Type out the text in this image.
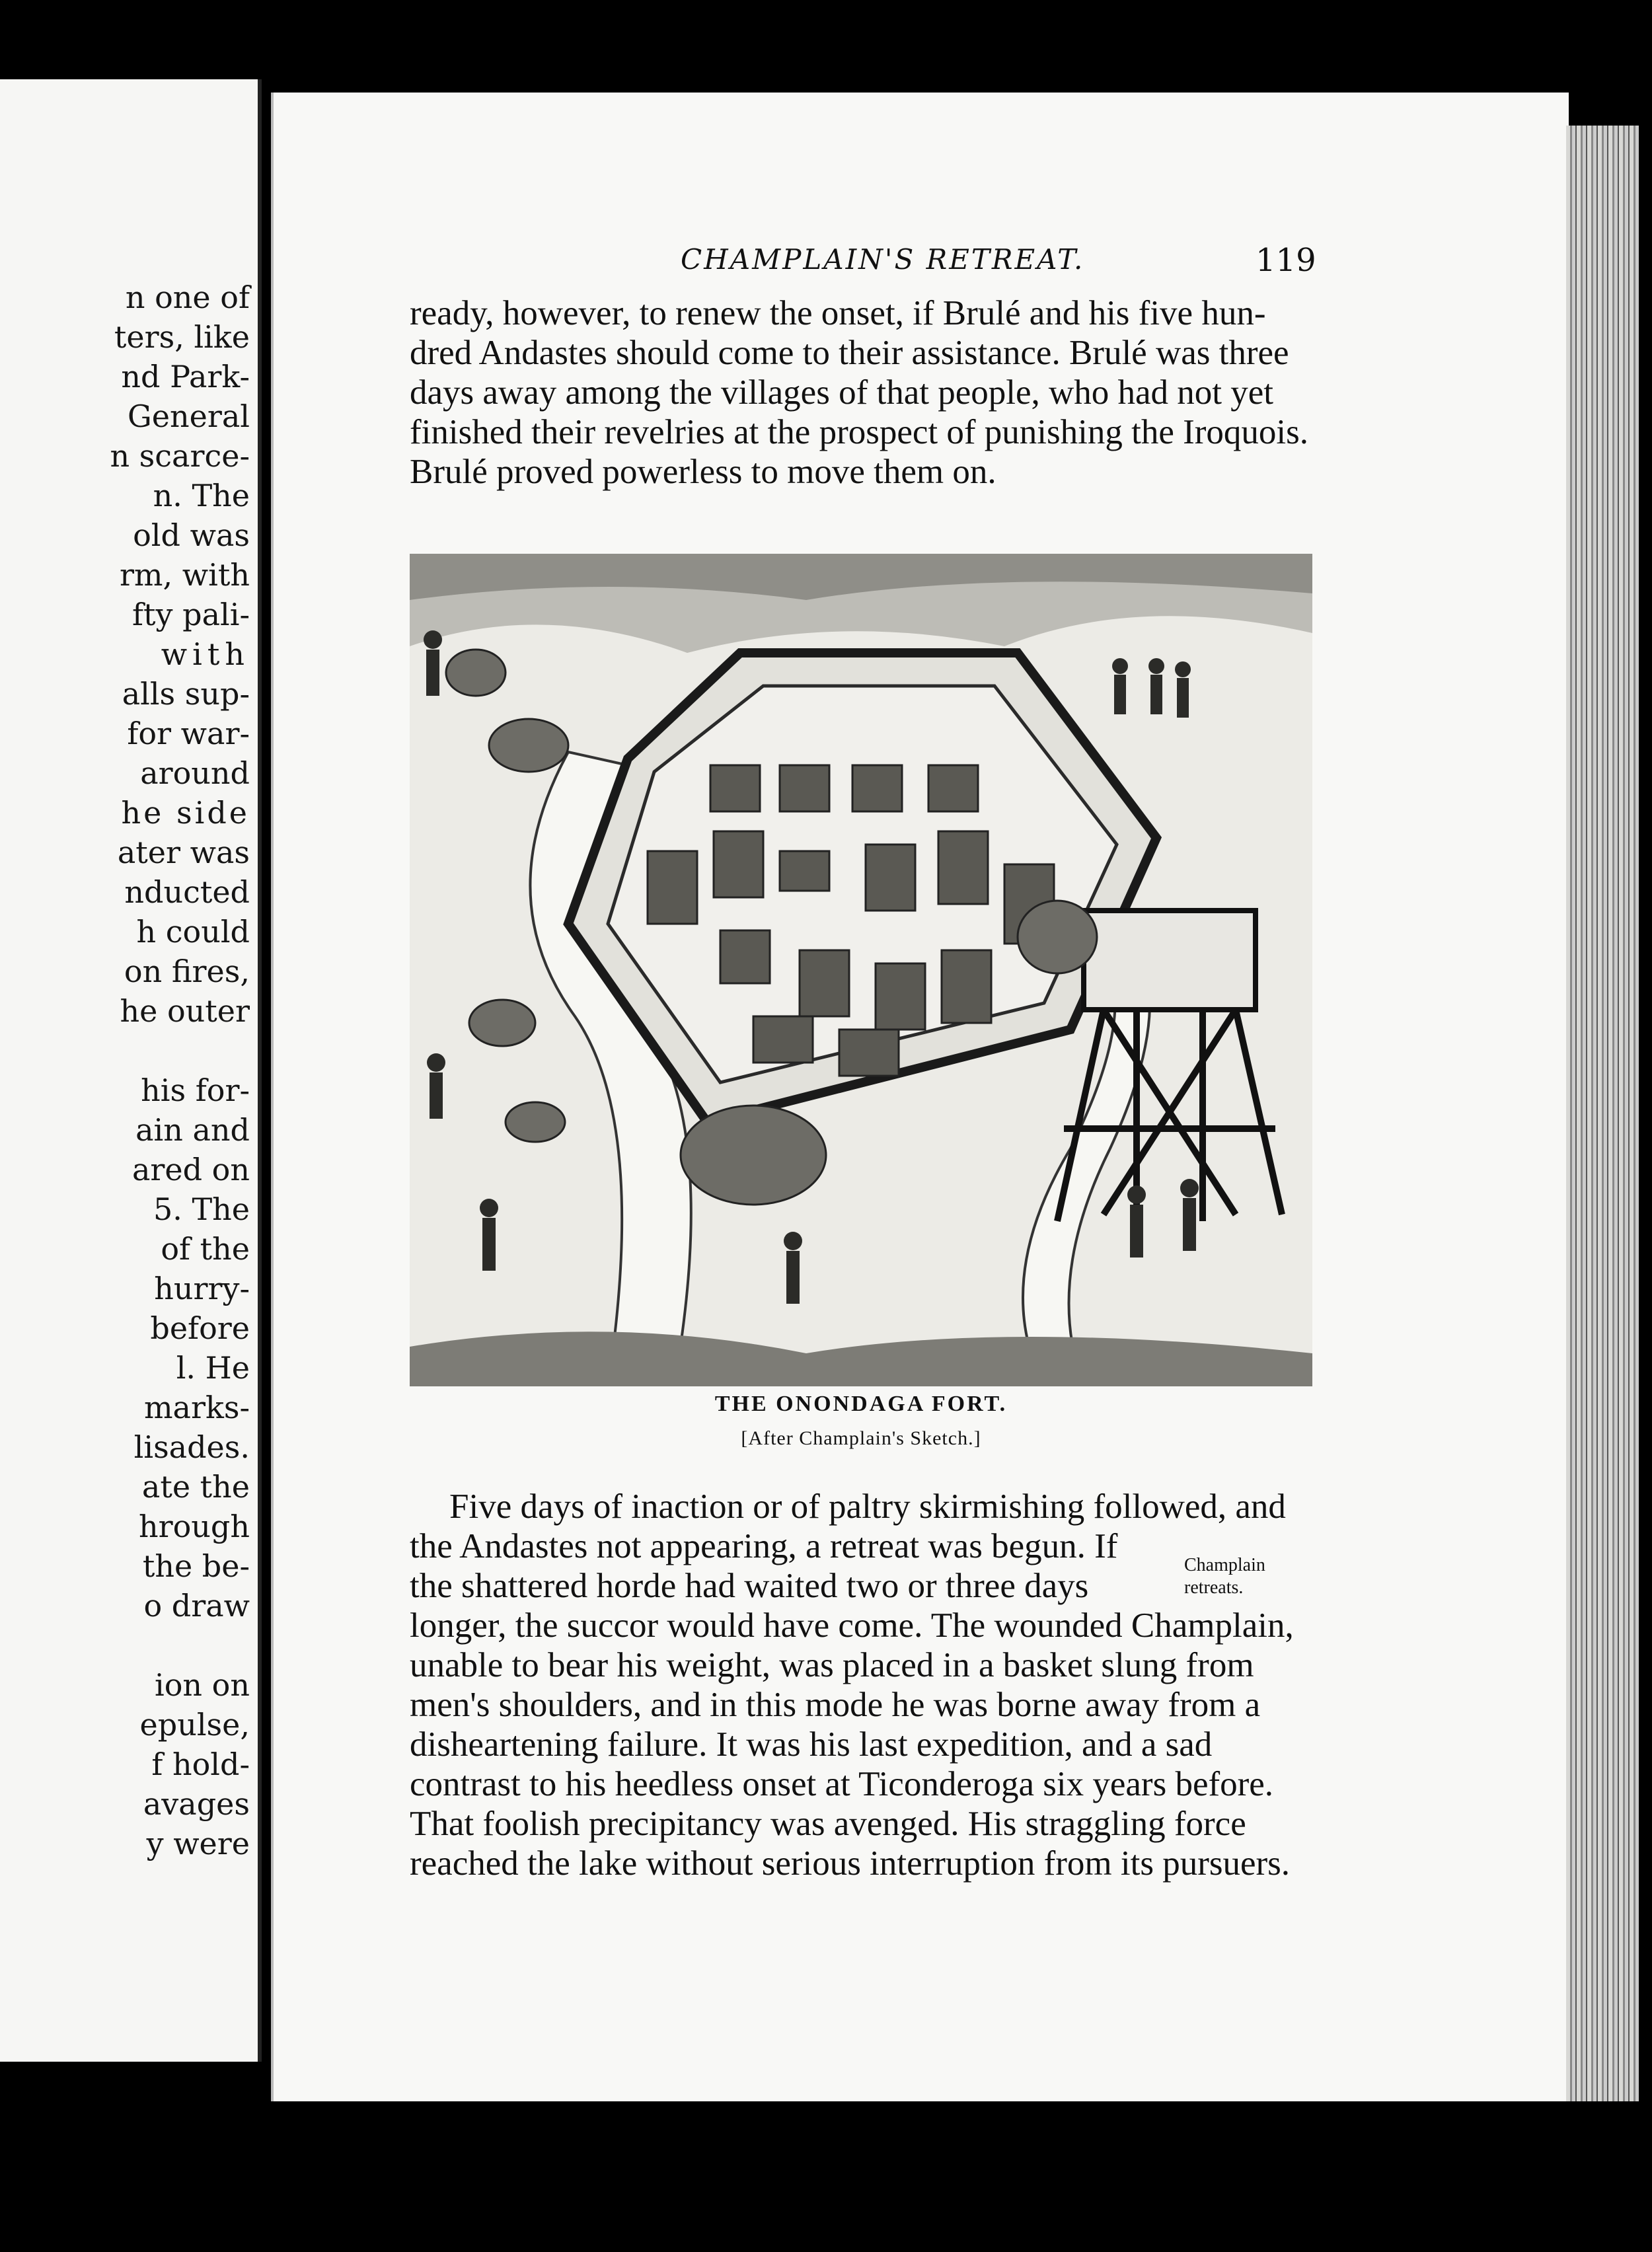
n one of
ters, like
nd Park-
General
n scarce-
n. The
old was
rm, with
fty pali-
with
alls sup-
for war-
around
he side
ater was
nducted
h could
on fires,
he outer
his for-
ain and
ared on
5. The
of the
hurry-
before
l. He
marks-
lisades.
ate the
hrough
the be-
o draw
ion on
epulse,
f hold-
avages
y were
CHAMPLAIN'S RETREAT.	119
ready, however, to renew the onset, if Brulé and his five hun-
dred Andastes should come to their assistance. Brulé was three
days away among the villages of that people, who had not yet
finished their revelries at the prospect of punishing the Iroquois.
Brulé proved powerless to move them on.
THE ONONDAGA FORT.
[After Champlain's Sketch.]
Champlain
retreats.
Five days of inaction or of paltry skirmishing followed, and
the Andastes not appearing, a retreat was begun. If
the shattered horde had waited two or three days
longer, the succor would have come. The wounded Champlain,
unable to bear his weight, was placed in a basket slung from
men's shoulders, and in this mode he was borne away from a
disheartening failure. It was his last expedition, and a sad
contrast to his heedless onset at Ticonderoga six years before.
That foolish precipitancy was avenged. His straggling force
reached the lake without serious interruption from its pursuers.
